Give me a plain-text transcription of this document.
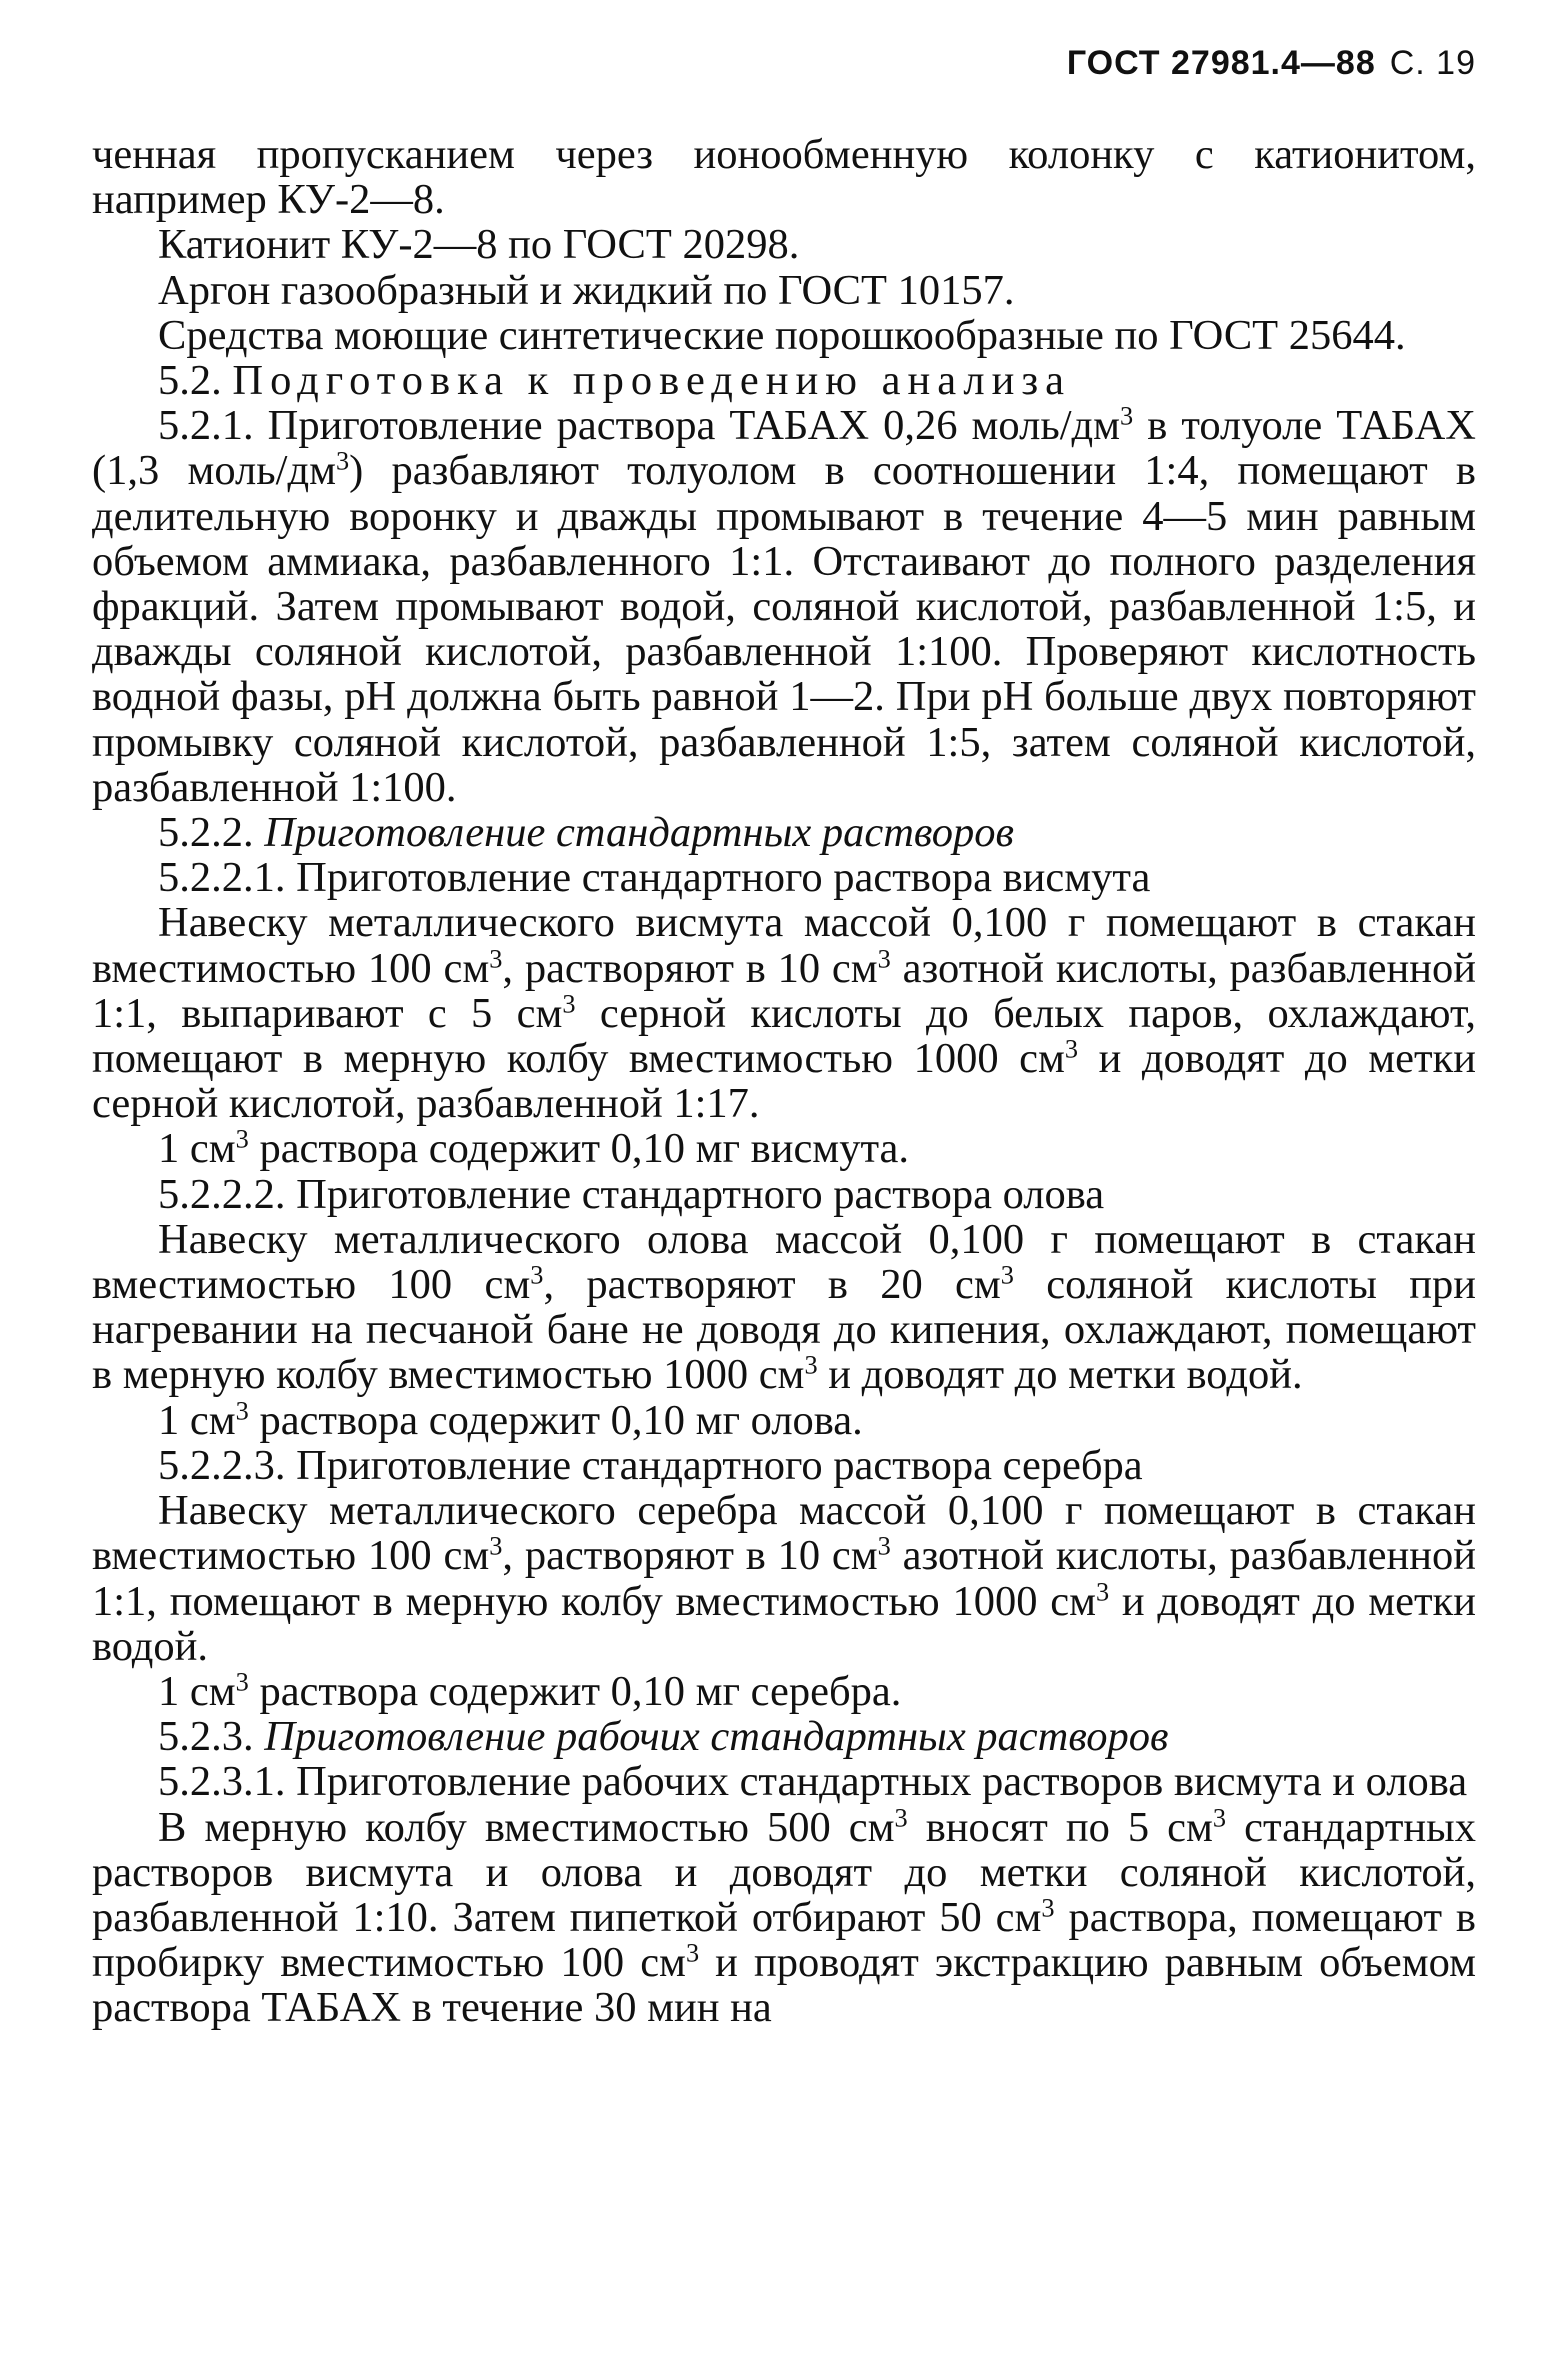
ГОСТ 27981.4—88 С. 19

ченная пропусканием через ионообменную колонку с катионитом, например КУ-2—8.

Катионит КУ-2—8 по ГОСТ 20298.

Аргон газообразный и жидкий по ГОСТ 10157.

Средства моющие синтетические порошкообразные по ГОСТ 25644.

5.2. Подготовка к проведению анализа

5.2.1. Приготовление раствора ТАБАХ 0,26 моль/$дм^3$ в толуоле ТАБАХ (1,3 моль/$дм^3$) разбавляют толуолом в соотношении 1:4, помещают в делительную воронку и дважды промывают в течение 4—5 мин равным объемом аммиака, разбавленного 1:1. Отстаивают до полного разделения фракций. Затем промывают водой, соляной кислотой, разбавленной 1:5, и дважды соляной кислотой, разбавленной 1:100. Проверяют кислотность водной фазы, pH должна быть равной 1—2. При pH больше двух повторяют промывку соляной кислотой, разбавленной 1:5, затем соляной кислотой, разбавленной 1:100.

5.2.2. Приготовление стандартных растворов

5.2.2.1. Приготовление стандартного раствора висмута

Навеску металлического висмута массой 0,100 г помещают в стакан вместимостью 100 $см^3$, растворяют в 10 $см^3$ азотной кислоты, разбавленной 1:1, выпаривают с 5 $см^3$ серной кислоты до белых паров, охлаждают, помещают в мерную колбу вместимостью 1000 $см^3$ и доводят до метки серной кислотой, разбавленной 1:17.

1 $см^3$ раствора содержит 0,10 мг висмута.

5.2.2.2. Приготовление стандартного раствора олова

Навеску металлического олова массой 0,100 г помещают в стакан вместимостью 100 $см^3$, растворяют в 20 $см^3$ соляной кислоты при нагревании на песчаной бане не доводя до кипения, охлаждают, помещают в мерную колбу вместимостью 1000 $см^3$ и доводят до метки водой.

1 $см^3$ раствора содержит 0,10 мг олова.

5.2.2.3. Приготовление стандартного раствора серебра

Навеску металлического серебра массой 0,100 г помещают в стакан вместимостью 100 $см^3$, растворяют в 10 $см^3$ азотной кислоты, разбавленной 1:1, помещают в мерную колбу вместимостью 1000 $см^3$ и доводят до метки водой.

1 $см^3$ раствора содержит 0,10 мг серебра.

5.2.3. Приготовление рабочих стандартных растворов

5.2.3.1. Приготовление рабочих стандартных растворов висмута и олова

В мерную колбу вместимостью 500 $см^3$ вносят по 5 $см^3$ стандартных растворов висмута и олова и доводят до метки соляной кислотой, разбавленной 1:10. Затем пипеткой отбирают 50 $см^3$ раствора, помещают в пробирку вместимостью 100 $см^3$ и проводят экстракцию равным объемом раствора ТАБАХ в течение 30 мин на
